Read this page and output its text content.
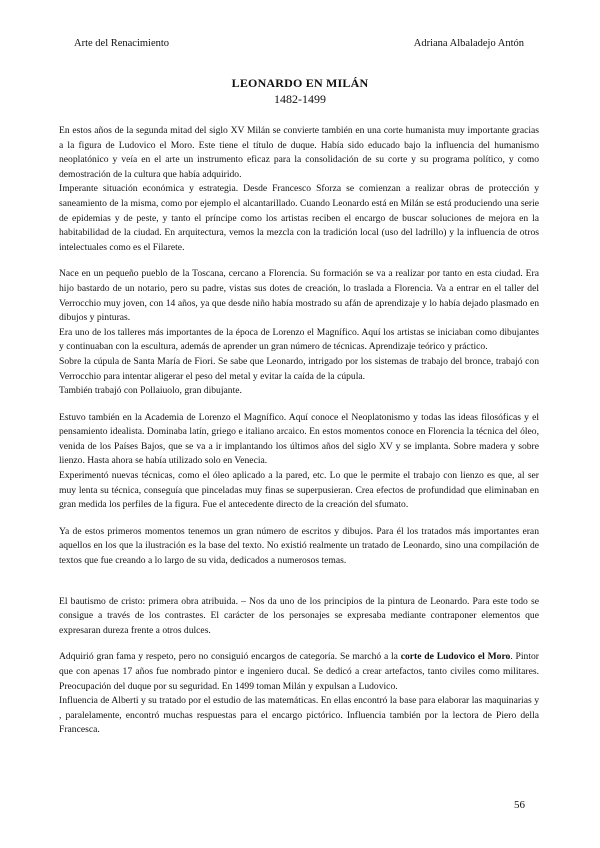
Arte del Renacimiento	Adriana Albaladejo Antón
LEONARDO EN MILÁN
1482-1499

En estos años de la segunda mitad del siglo XV Milán se convierte también en una corte humanista muy importante gracias a la figura de Ludovico el Moro. Este tiene el título de duque. Había sido educado bajo la influencia del humanismo neoplatónico y veía en el arte un instrumento eficaz para la consolidación de su corte y su programa político, y como demostración de la cultura que había adquirido.

Imperante situación económica y estrategia. Desde Francesco Sforza se comienzan a realizar obras de protección y saneamiento de la misma, como por ejemplo el alcantarillado. Cuando Leonardo está en Milán se está produciendo una serie de epidemias y de peste, y tanto el príncipe como los artistas reciben el encargo de buscar soluciones de mejora en la habitabilidad de la ciudad. En arquitectura, vemos la mezcla con la tradición local (uso del ladrillo) y la influencia de otros intelectuales como es el Filarete.

Nace en un pequeño pueblo de la Toscana, cercano a Florencia. Su formación se va a realizar por tanto en esta ciudad. Era hijo bastardo de un notario, pero su padre, vistas sus dotes de creación, lo traslada a Florencia. Va a entrar en el taller del Verrocchio muy joven, con 14 años, ya que desde niño había mostrado su afán de aprendizaje y lo había dejado plasmado en dibujos y pinturas.

Era uno de los talleres más importantes de la época de Lorenzo el Magnífico. Aquí los artistas se iniciaban como dibujantes y continuaban con la escultura, además de aprender un gran número de técnicas. Aprendizaje teórico y práctico.

Sobre la cúpula de Santa María de Fiori. Se sabe que Leonardo, intrigado por los sistemas de trabajo del bronce, trabajó con Verrocchio para intentar aligerar el peso del metal y evitar la caída de la cúpula.

También trabajó con Pollaiuolo, gran dibujante.

Estuvo también en la Academia de Lorenzo el Magnífico. Aquí conoce el Neoplatonismo y todas las ideas filosóficas y el pensamiento idealista. Dominaba latín, griego e italiano arcaico. En estos momentos conoce en Florencia la técnica del óleo, venida de los Países Bajos, que se va a ir implantando los últimos años del siglo XV y se implanta. Sobre madera y sobre lienzo. Hasta ahora se había utilizado solo en Venecia.

Experimentó nuevas técnicas, como el óleo aplicado a la pared, etc. Lo que le permite el trabajo con lienzo es que, al ser muy lenta su técnica, conseguía que pinceladas muy finas se superpusieran. Crea efectos de profundidad que eliminaban en gran medida los perfiles de la figura. Fue el antecedente directo de la creación del sfumato.

Ya de estos primeros momentos tenemos un gran número de escritos y dibujos. Para él los tratados más importantes eran aquellos en los que la ilustración es la base del texto. No existió realmente un tratado de Leonardo, sino una compilación de textos que fue creando a lo largo de su vida, dedicados a numerosos temas.

El bautismo de cristo: primera obra atribuida. – Nos da uno de los principios de la pintura de Leonardo. Para este todo se consigue a través de los contrastes. El carácter de los personajes se expresaba mediante contraponer elementos que expresaran dureza frente a otros dulces.

Adquirió gran fama y respeto, pero no consiguió encargos de categoría. Se marchó a la corte de Ludovico el Moro. Pintor que con apenas 17 años fue nombrado pintor e ingeniero ducal. Se dedicó a crear artefactos, tanto civiles como militares. Preocupación del duque por su seguridad. En 1499 toman Milán y expulsan a Ludovico.

Influencia de Alberti y su tratado por el estudio de las matemáticas. En ellas encontró la base para elaborar las maquinarias y , paralelamente, encontró muchas respuestas para el encargo pictórico. Influencia también por la lectora de Piero della Francesca.

56
